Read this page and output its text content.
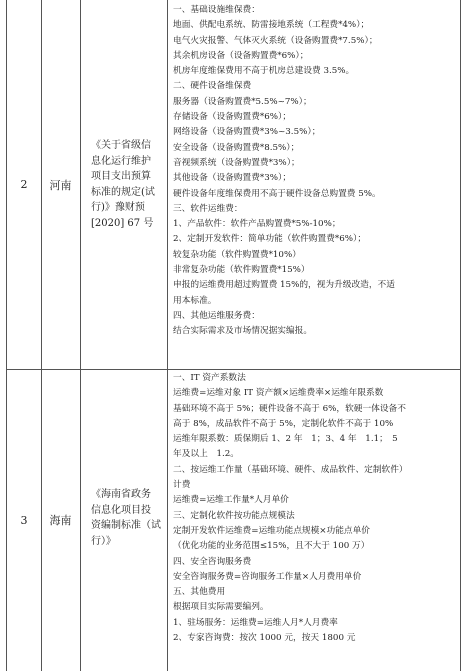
2	河南
《关于省级信
息化运行维护
项目支出预算
标准的规定(试
行)》豫财预
[2020] 67 号
一、基础设施维保费：
地面、供配电系统、防雷接地系统（工程费*4%）；
电气火灾报警、气体灭火系统（设备购置费*7.5%）；
其余机房设备（设备购置费*6%）；
机房年度维保费用不高于机房总建设费 3.5%。
二、硬件设备维保费
服务器（设备购置费*5.5%~7%）；
存储设备（设备购置费*6%）；
网络设备（设备购置费*3%~3.5%）；
安全设备（设备购置费*8.5%）；
音视频系统（设备购置费*3%）；
其他设备（设备购置费*3%）；
硬件设备年度维保费用不高于硬件设备总购置费 5%。
三、软件运维费：
1、产品软件：软件产品购置费*5%-10%；
2、定制开发软件：简单功能（软件购置费*6%）；
较复杂功能（软件购置费*10%）
非常复杂功能（软件购置费*15%）
申报的运维费用超过购置费 15%的，视为升级改造，不适
用本标准。
四、其他运维服务费：
结合实际需求及市场情况据实编报。
3	海南
《海南省政务
信息化项目投
资编制标准（试
行）》
一、IT 资产系数法
运维费=运维对象 IT 资产额×运维费率×运维年限系数
基础环境不高于 5%；硬件设备不高于 6%，软硬一体设备不
高于 8%，成品软件不高于 5%，定制化软件不高于 10%
运维年限系数：质保期后 1、2 年　1；3、4 年　1.1；　5
年及以上　1.2。
二、按运维工作量（基础环境、硬件、成品软件、定制软件）
计费
运维费=运维工作量*人月单价
三、定制化软件按功能点规模法
定制开发软件运维费=运维功能点规模×功能点单价
（优化功能的业务范围≤15%，且不大于 100 万）
四、安全咨询服务费
安全咨询服务费=咨询服务工作量×人月费用单价
五、其他费用
根据项目实际需要编列。
1、驻场服务：运维费=运维人月*人月费率
2、专家咨询费：按次 1000 元，按天 1800 元
